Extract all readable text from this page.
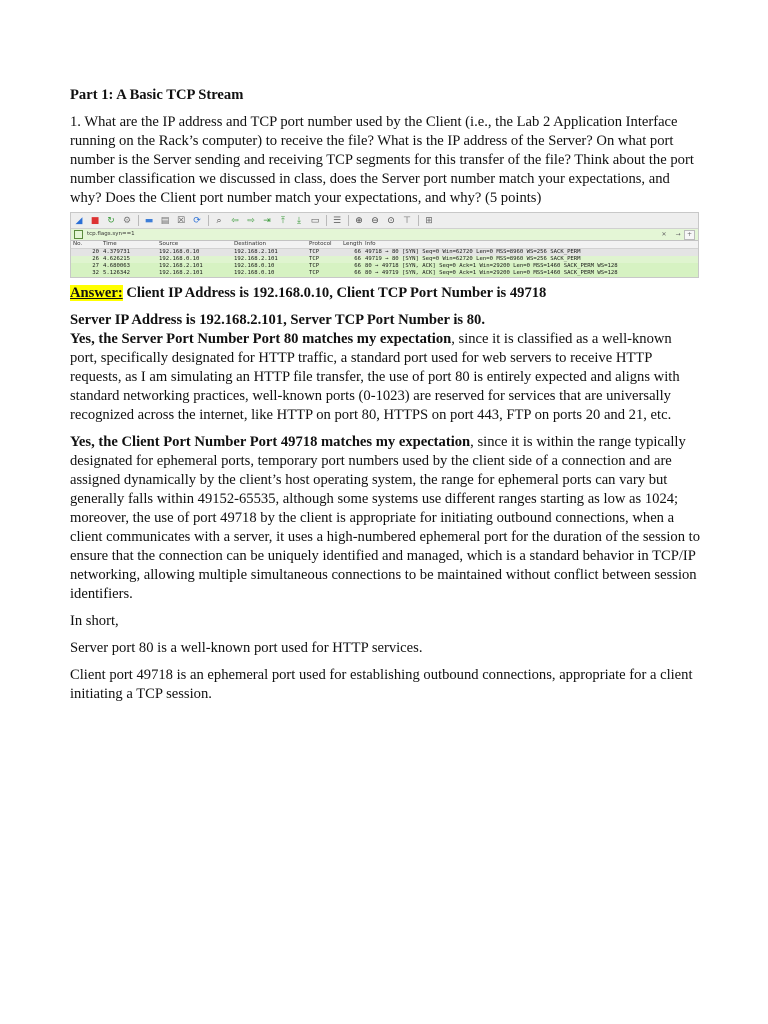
Part 1: A Basic TCP Stream

1. What are the IP address and TCP port number used by the Client (i.e., the Lab 2 Application Interface running on the Rack’s computer) to receive the file? What is the IP address of the Server? On what port number is the Server sending and receiving TCP segments for this transfer of the file? Think about the port number classification we discussed in class, does the Server port number match your expectations, and why? Does the Client port number match your expectations, and why? (5 points)

◢ ■ ↻ ⚙ ▬ ▤ ☒ ⟳ ⌕ ⇦ ⇨ ⇥	⤒	⤓	▭ ☰ ⊕ ⊖ ⊙ ⊤ ⊞
tcp.flags.syn==1	✕ →	+
No.	Time	Source	Destination	Protocol	Length	Info
20	4.379731	192.168.0.10	192.168.2.101	TCP	66	49718 → 80 [SYN] Seq=0 Win=62720 Len=0 MSS=8960 WS=256 SACK_PERM
26	4.626215	192.168.0.10	192.168.2.101	TCP	66	49719 → 80 [SYN] Seq=0 Win=62720 Len=0 MSS=8960 WS=256 SACK_PERM
27	4.680063	192.168.2.101	192.168.0.10	TCP	66	80 → 49718 [SYN, ACK] Seq=0 Ack=1 Win=29200 Len=0 MSS=1460 SACK_PERM WS=128
32	5.126342	192.168.2.101	192.168.0.10	TCP	66	80 → 49719 [SYN, ACK] Seq=0 Ack=1 Win=29200 Len=0 MSS=1460 SACK_PERM WS=128

Answer: Client IP Address is 192.168.0.10, Client TCP Port Number is 49718

Server IP Address is 192.168.2.101, Server TCP Port Number is 80.

Yes, the Server Port Number Port 80 matches my expectation, since it is classified as a well-known port, specifically designated for HTTP traffic, a standard port used for web servers to receive HTTP requests, as I am simulating an HTTP file transfer, the use of port 80 is entirely expected and aligns with standard networking practices, well-known ports (0-1023) are reserved for services that are universally recognized across the internet, like HTTP on port 80, HTTPS on port 443, FTP on ports 20 and 21, etc.

Yes, the Client Port Number Port 49718 matches my expectation, since it is within the range typically designated for ephemeral ports, temporary port numbers used by the client side of a connection and are assigned dynamically by the client’s host operating system, the range for ephemeral ports can vary but generally falls within 49152-65535, although some systems use different ranges starting as low as 1024; moreover, the use of port 49718 by the client is appropriate for initiating outbound connections, when a client communicates with a server, it uses a high-numbered ephemeral port for the duration of the session to ensure that the connection can be uniquely identified and managed, which is a standard behavior in TCP/IP networking, allowing multiple simultaneous connections to be maintained without conflict between session identifiers.

In short,

Server port 80 is a well-known port used for HTTP services.

Client port 49718 is an ephemeral port used for establishing outbound connections, appropriate for a client initiating a TCP session.
